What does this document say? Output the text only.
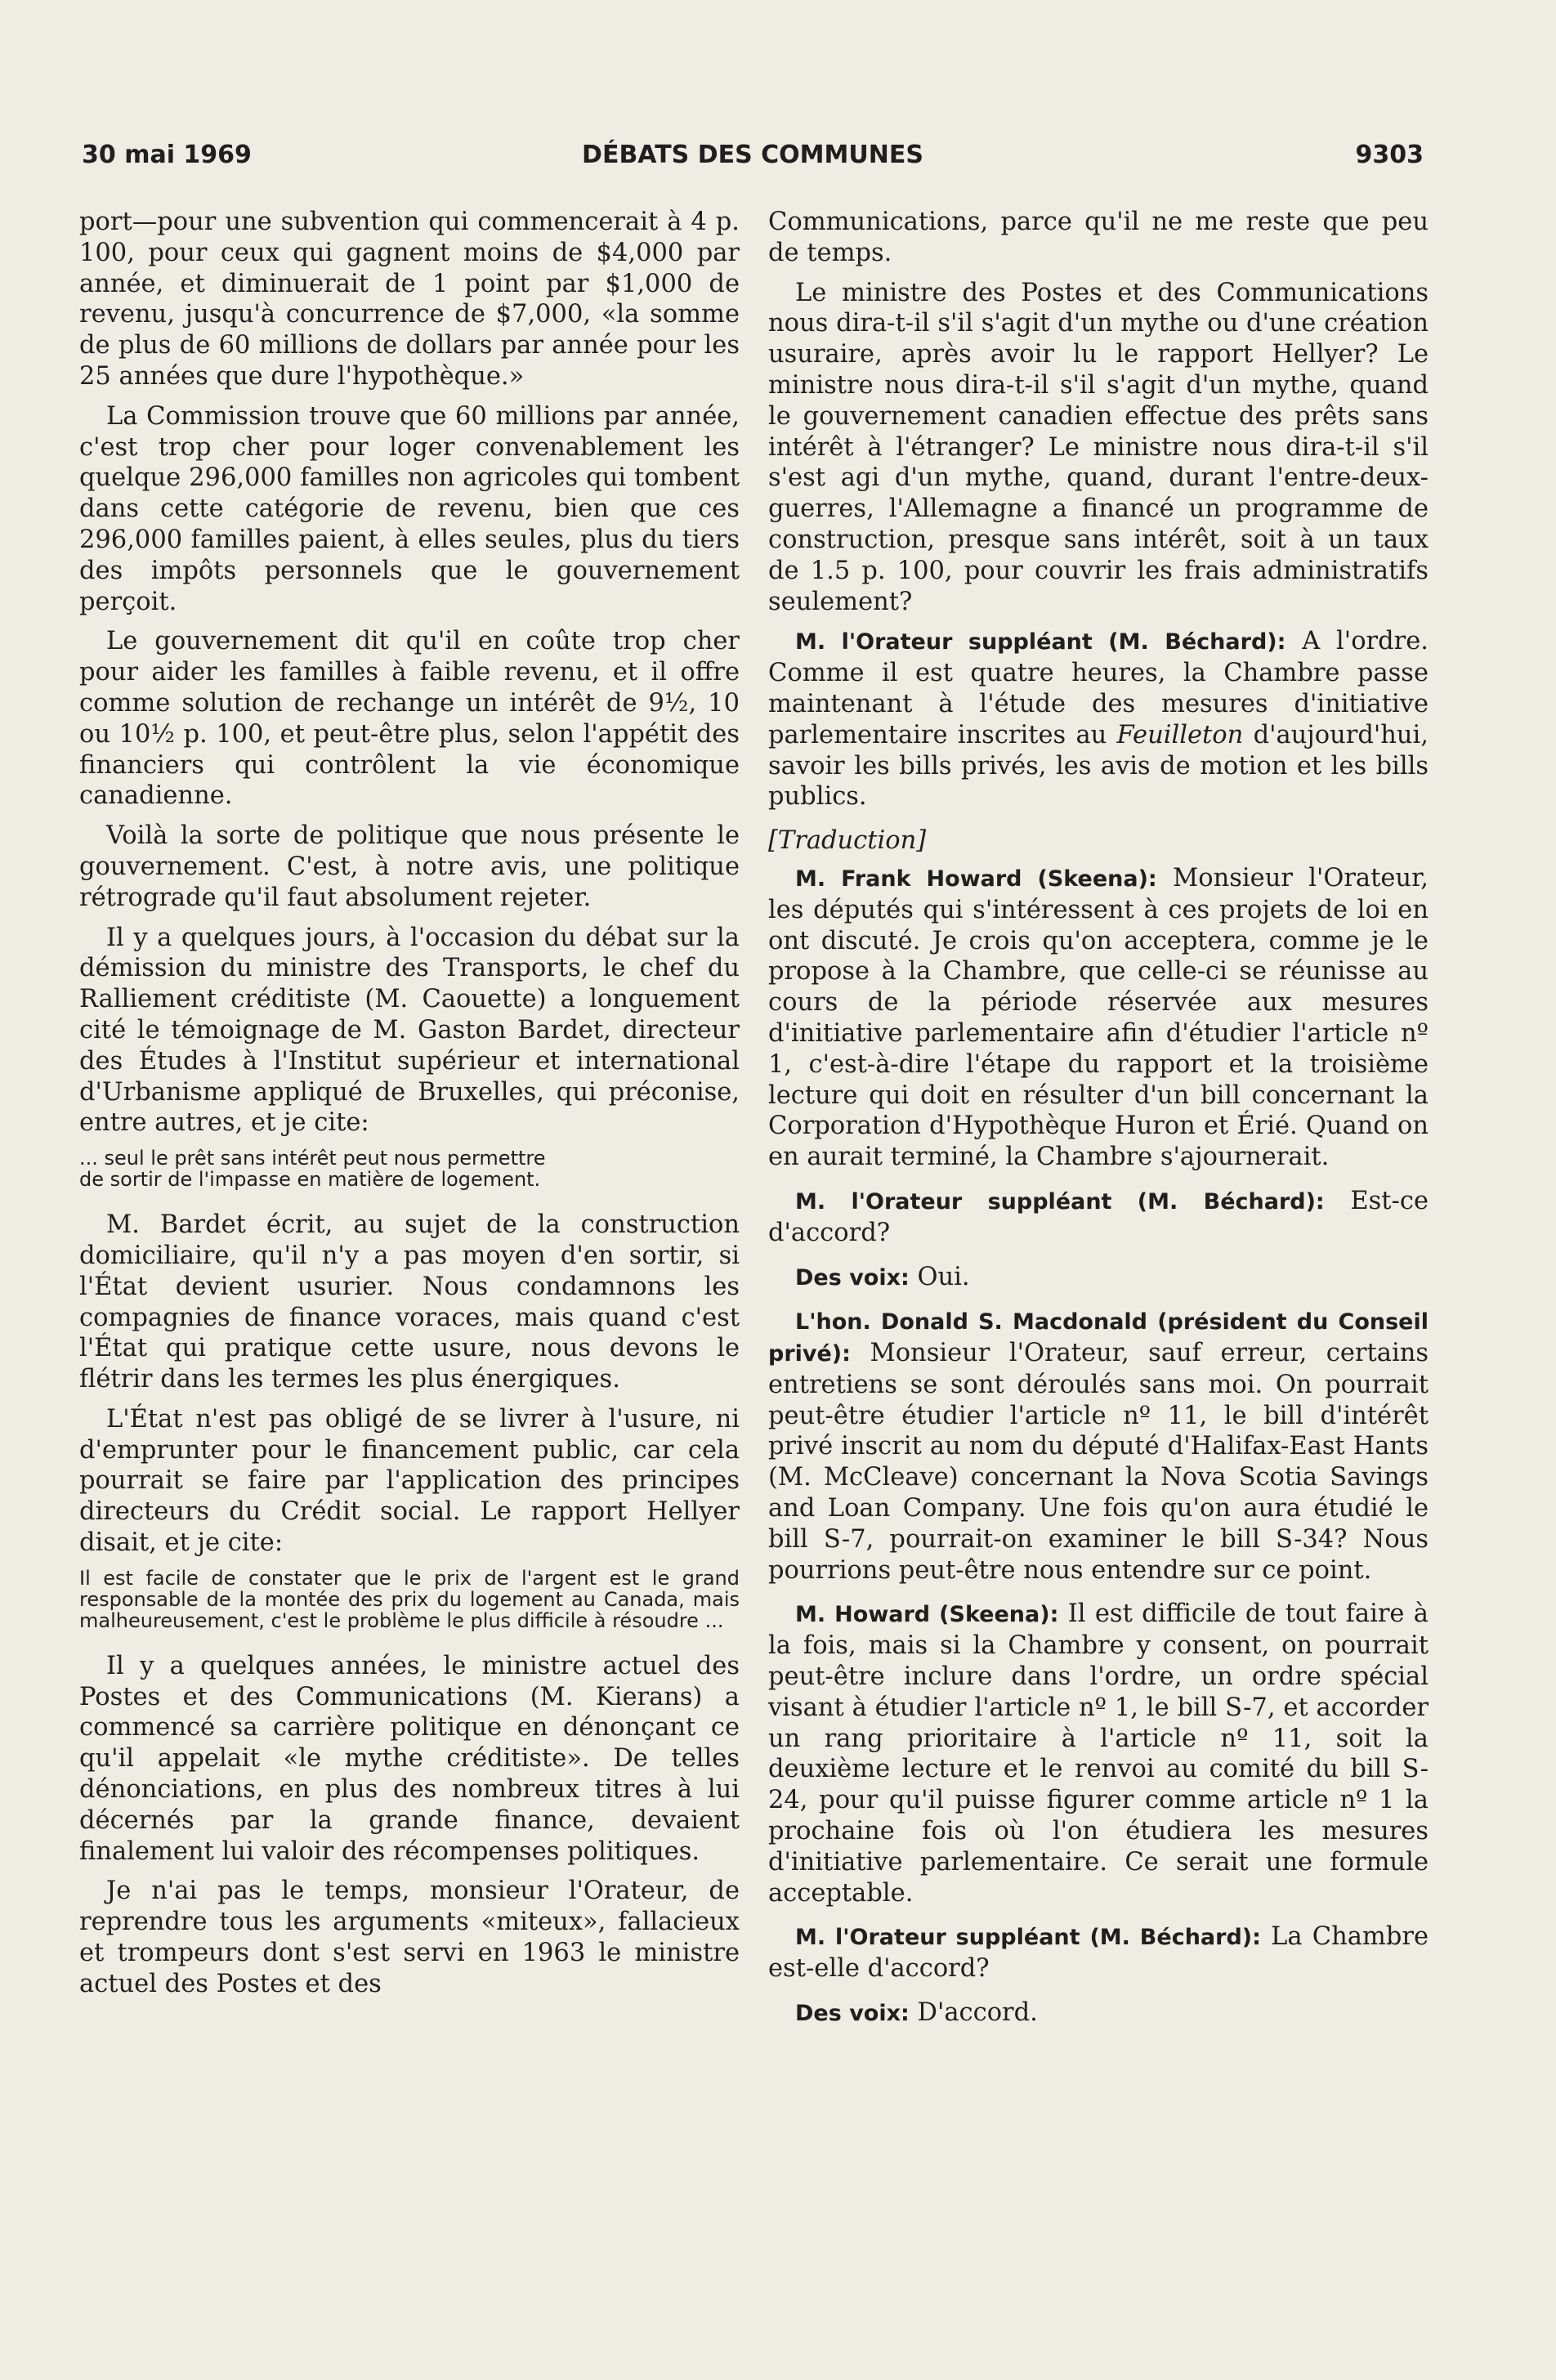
30 mai 1969	DÉBATS DES COMMUNES	9303

port—pour une subvention qui commencerait à 4 p. 100, pour ceux qui gagnent moins de $4,000 par année, et diminuerait de 1 point par $1,000 de revenu, jusqu'à concurrence de $7,000, «la somme de plus de 60 millions de dollars par année pour les 25 années que dure l'hypothèque.»

La Commission trouve que 60 millions par année, c'est trop cher pour loger convenablement les quelque 296,000 familles non agricoles qui tombent dans cette catégorie de revenu, bien que ces 296,000 familles paient, à elles seules, plus du tiers des impôts personnels que le gouvernement perçoit.

Le gouvernement dit qu'il en coûte trop cher pour aider les familles à faible revenu, et il offre comme solution de rechange un intérêt de 9½, 10 ou 10½ p. 100, et peut-être plus, selon l'appétit des financiers qui contrôlent la vie économique canadienne.

Voilà la sorte de politique que nous présente le gouvernement. C'est, à notre avis, une politique rétrograde qu'il faut absolument rejeter.

Il y a quelques jours, à l'occasion du débat sur la démission du ministre des Transports, le chef du Ralliement créditiste (M. Caouette) a longuement cité le témoignage de M. Gaston Bardet, directeur des Études à l'Institut supérieur et international d'Urbanisme appliqué de Bruxelles, qui préconise, entre autres, et je cite:

... seul le prêt sans intérêt peut nous permettre
de sortir de l'impasse en matière de logement.

M. Bardet écrit, au sujet de la construction domiciliaire, qu'il n'y a pas moyen d'en sortir, si l'État devient usurier. Nous condamnons les compagnies de finance voraces, mais quand c'est l'État qui pratique cette usure, nous devons le flétrir dans les termes les plus énergiques.

L'État n'est pas obligé de se livrer à l'usure, ni d'emprunter pour le financement public, car cela pourrait se faire par l'application des principes directeurs du Crédit social. Le rapport Hellyer disait, et je cite:

Il est facile de constater que le prix de l'argent est le grand responsable de la montée des prix du logement au Canada, mais malheureusement, c'est le problème le plus difficile à résoudre ...

Il y a quelques années, le ministre actuel des Postes et des Communications (M. Kierans) a commencé sa carrière politique en dénonçant ce qu'il appelait «le mythe créditiste». De telles dénonciations, en plus des nombreux titres à lui décernés par la grande finance, devaient finalement lui valoir des récompenses politiques.

Je n'ai pas le temps, monsieur l'Orateur, de reprendre tous les arguments «miteux», fallacieux et trompeurs dont s'est servi en 1963 le ministre actuel des Postes et des

Communications, parce qu'il ne me reste que peu de temps.

Le ministre des Postes et des Communications nous dira-t-il s'il s'agit d'un mythe ou d'une création usuraire, après avoir lu le rapport Hellyer? Le ministre nous dira-t-il s'il s'agit d'un mythe, quand le gouvernement canadien effectue des prêts sans intérêt à l'étranger? Le ministre nous dira-t-il s'il s'est agi d'un mythe, quand, durant l'entre-deux-guerres, l'Allemagne a financé un programme de construction, presque sans intérêt, soit à un taux de 1.5 p. 100, pour couvrir les frais administratifs seulement?

M. l'Orateur suppléant (M. Béchard): A l'ordre. Comme il est quatre heures, la Chambre passe maintenant à l'étude des mesures d'initiative parlementaire inscrites au Feuilleton d'aujourd'hui, savoir les bills privés, les avis de motion et les bills publics.

[Traduction]

M. Frank Howard (Skeena): Monsieur l'Orateur, les députés qui s'intéressent à ces projets de loi en ont discuté. Je crois qu'on acceptera, comme je le propose à la Chambre, que celle-ci se réunisse au cours de la période réservée aux mesures d'initiative parlementaire afin d'étudier l'article nº 1, c'est-à-dire l'étape du rapport et la troisième lecture qui doit en résulter d'un bill concernant la Corporation d'Hypothèque Huron et Érié. Quand on en aurait terminé, la Chambre s'ajournerait.

M. l'Orateur suppléant (M. Béchard): Est-ce d'accord?

Des voix: Oui.

L'hon. Donald S. Macdonald (président du Conseil privé): Monsieur l'Orateur, sauf erreur, certains entretiens se sont déroulés sans moi. On pourrait peut-être étudier l'article nº 11, le bill d'intérêt privé inscrit au nom du député d'Halifax-East Hants (M. McCleave) concernant la Nova Scotia Savings and Loan Company. Une fois qu'on aura étudié le bill S-7, pourrait-on examiner le bill S-34? Nous pourrions peut-être nous entendre sur ce point.

M. Howard (Skeena): Il est difficile de tout faire à la fois, mais si la Chambre y consent, on pourrait peut-être inclure dans l'ordre, un ordre spécial visant à étudier l'article nº 1, le bill S-7, et accorder un rang prioritaire à l'article nº 11, soit la deuxième lecture et le renvoi au comité du bill S-24, pour qu'il puisse figurer comme article nº 1 la prochaine fois où l'on étudiera les mesures d'initiative parlementaire. Ce serait une formule acceptable.

M. l'Orateur suppléant (M. Béchard): La Chambre est-elle d'accord?

Des voix: D'accord.
